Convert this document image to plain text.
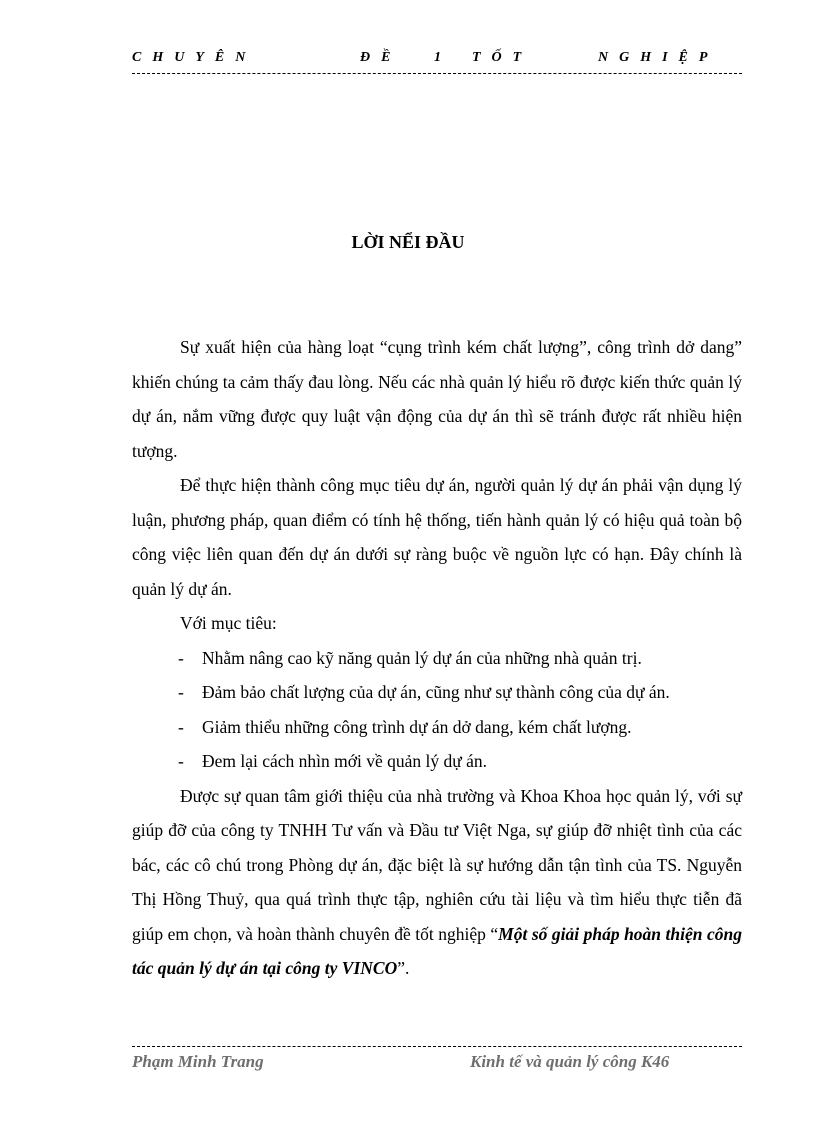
CHUYÊN	ĐỀ 1 TỐT	NGHIỆP
LỜI NỂI ĐẦU

Sự xuất hiện của hàng loạt “cụng trình kém chất lượng”, công trình dở dang” khiến chúng ta cảm thấy đau lòng. Nếu các nhà quản lý hiểu rõ được kiến thức quản lý dự án, nắm vững được quy luật vận động của dự án thì sẽ tránh được rất nhiều hiện tượng.

Để thực hiện thành công mục tiêu dự án, người quản lý dự án phải vận dụng lý luận, phương pháp, quan điểm có tính hệ thống, tiến hành quản lý có hiệu quả toàn bộ công việc liên quan đến dự án dưới sự ràng buộc về nguồn lực có hạn. Đây chính là quản lý dự án.

Với mục tiêu:

-	Nhằm nâng cao kỹ năng quản lý dự án của những nhà quản trị.

-	Đảm bảo chất lượng của dự án, cũng như sự thành công của dự án.

-	Giảm thiểu những công trình dự án dở dang, kém chất lượng.

-	Đem lại cách nhìn mới về quản lý dự án.

Được sự quan tâm giới thiệu của nhà trường và Khoa Khoa học quản lý, với sự giúp đỡ của công ty TNHH Tư vấn và Đầu tư Việt Nga, sự giúp đỡ nhiệt tình của các bác, các cô chú trong Phòng dự án, đặc biệt là sự hướng dẫn tận tình của TS. Nguyễn Thị Hồng Thuỷ, qua quá trình thực tập, nghiên cứu tài liệu và tìm hiểu thực tiễn đã giúp em chọn, và hoàn thành chuyên đề tốt nghiệp “Một số giải pháp hoàn thiện công tác quản lý dự án tại công ty VINCO”.

Phạm Minh Trang	Kinh tế và quản lý công K46
